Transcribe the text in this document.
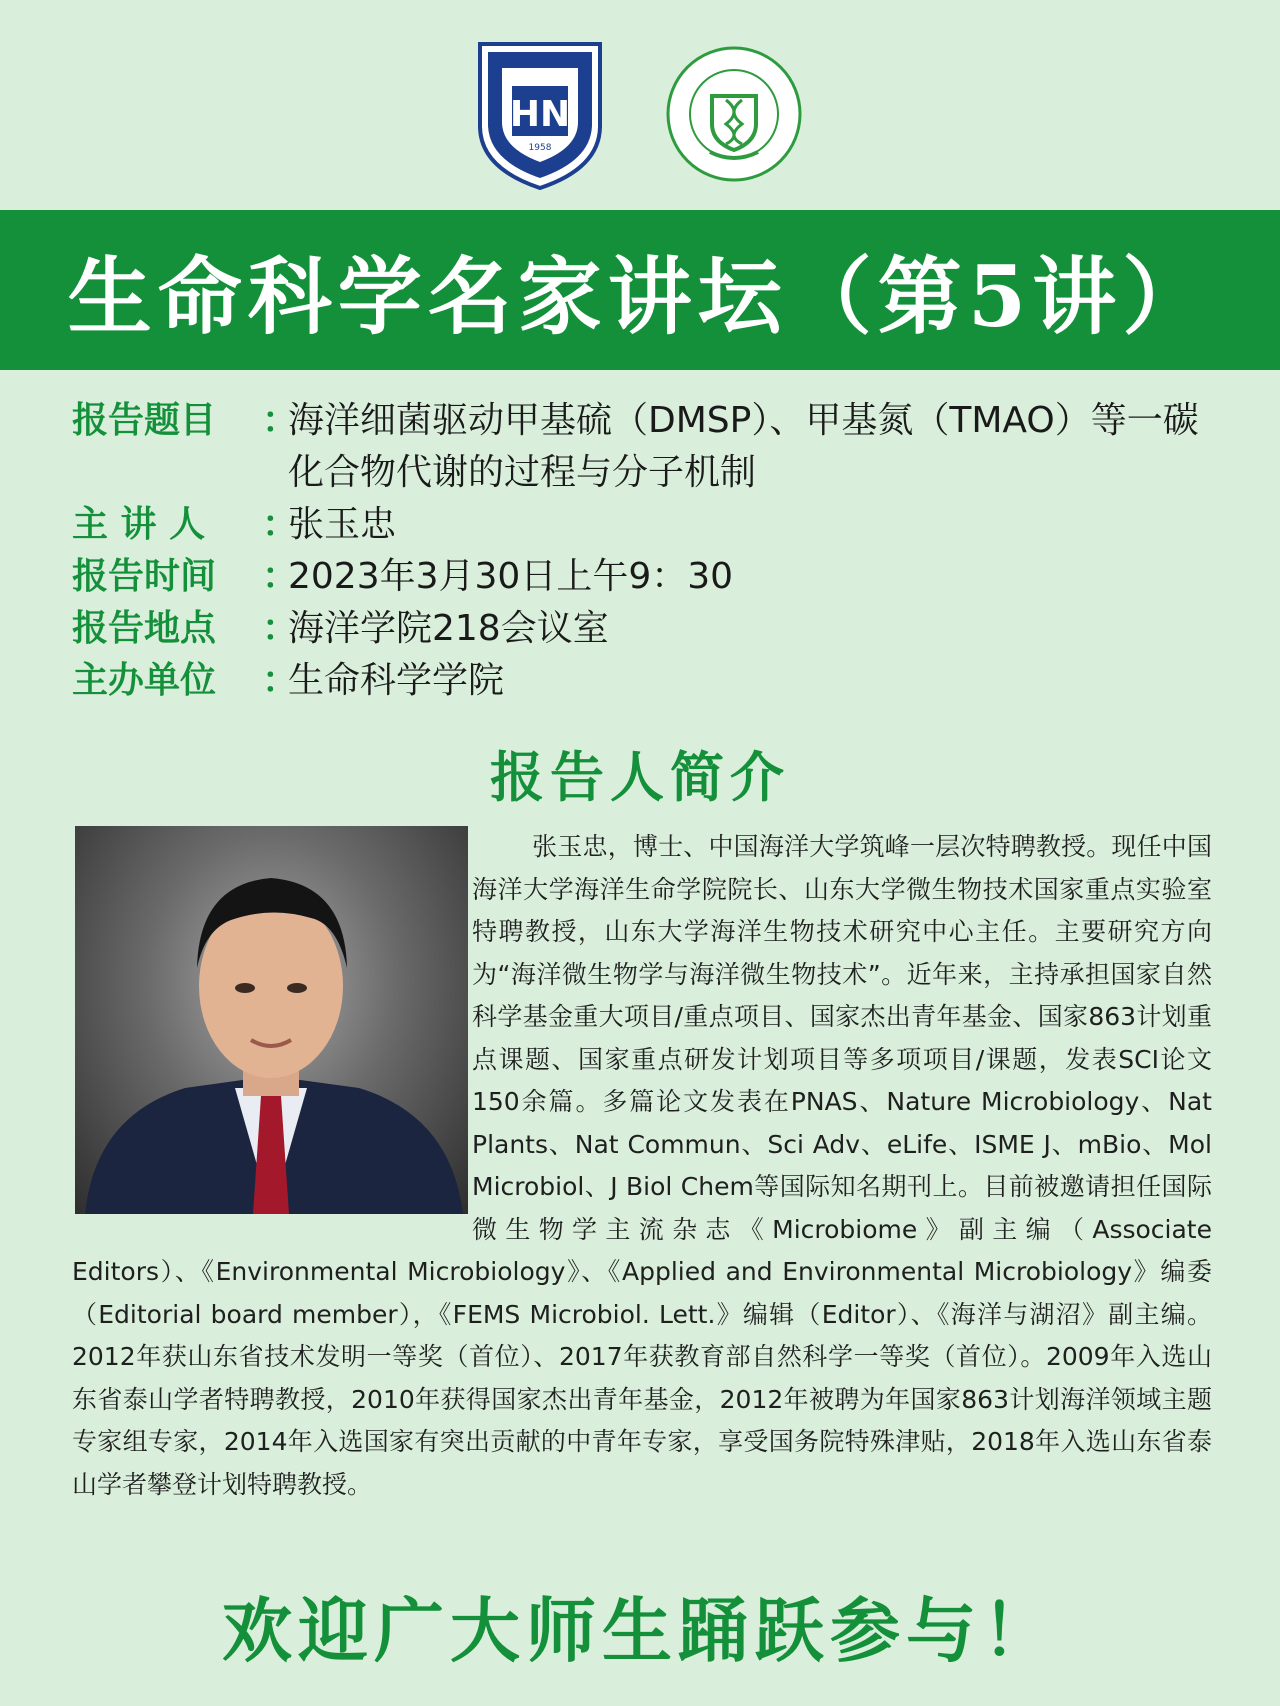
HN
1958
生命科学名家讲坛（第5讲）
报告题目	：
海洋细菌驱动甲基硫（DMSP）、甲基氮（TMAO）等一碳化合物代谢的过程与分子机制
主 讲 人	：
张玉忠
报告时间	：
2023年3月30日上午9：30
报告地点	：
海洋学院218会议室
主办单位	：
生命科学学院
报告人简介
张玉忠，博士、中国海洋大学筑峰一层次特聘教授。现任中国海洋大学海洋生命学院院长、山东大学微生物技术国家重点实验室特聘教授，山东大学海洋生物技术研究中心主任。主要研究方向为“海洋微生物学与海洋微生物技术”。近年来，主持承担国家自然科学基金重大项目/重点项目、国家杰出青年基金、国家863计划重点课题、国家重点研发计划项目等多项项目/课题，发表SCI论文150余篇。多篇论文发表在PNAS、Nature Microbiology、Nat Plants、Nat Commun、Sci Adv、eLife、ISME J、mBio、Mol Microbiol、J Biol Chem等国际知名期刊上。目前被邀请担任国际微生物学主流杂志《Microbiome》副主编（Associate Editors）、《Environmental Microbiology》、《Applied and Environmental Microbiology》编委（Editorial board member），《FEMS Microbiol. Lett.》编辑（Editor）、《海洋与湖沼》副主编。2012年获山东省技术发明一等奖（首位）、2017年获教育部自然科学一等奖（首位）。2009年入选山东省泰山学者特聘教授，2010年获得国家杰出青年基金，2012年被聘为年国家863计划海洋领域主题专家组专家，2014年入选国家有突出贡献的中青年专家，享受国务院特殊津贴，2018年入选山东省泰山学者攀登计划特聘教授。
欢迎广大师生踊跃参与！
